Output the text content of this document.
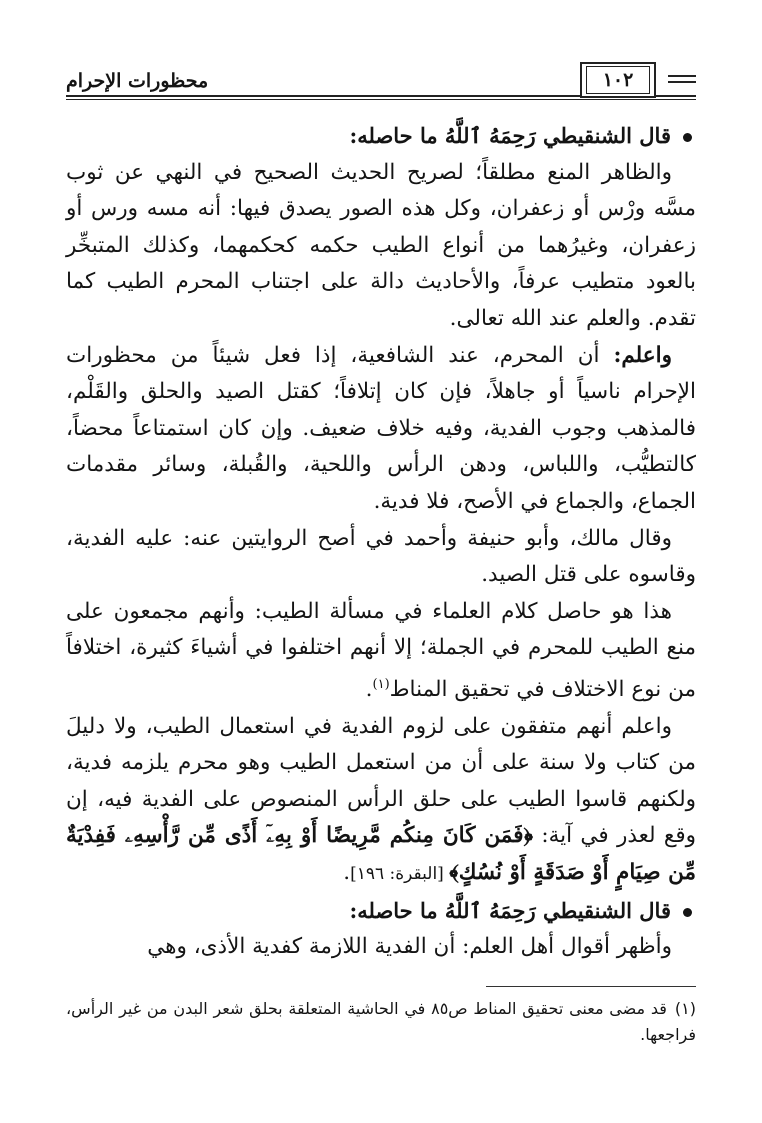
محظورات الإحرام	١٠٢

قال الشنقيطي رَحِمَهُ ٱللَّهُ ما حاصله:

والظاهر المنع مطلقاً؛ لصريح الحديث الصحيح في النهي عن ثوب مسَّه ورْس أو زعفران، وكل هذه الصور يصدق فيها: أنه مسه ورس أو زعفران، وغيرُهما من أنواع الطيب حكمه كحكمهما، وكذلك المتبخِّر بالعود متطيب عرفاً، والأحاديث دالة على اجتناب المحرم الطيب كما تقدم. والعلم عند الله تعالى.

واعلم: أن المحرم، عند الشافعية، إذا فعل شيئاً من محظورات الإحرام ناسياً أو جاهلاً، فإن كان إتلافاً؛ كقتل الصيد والحلق والقَلْم، فالمذهب وجوب الفدية، وفيه خلاف ضعيف. وإن كان استمتاعاً محضاً، كالتطيُّب، واللباس، ودهن الرأس واللحية، والقُبلة، وسائر مقدمات الجماع، والجماع في الأصح، فلا فدية.

وقال مالك، وأبو حنيفة وأحمد في أصح الروايتين عنه: عليه الفدية، وقاسوه على قتل الصيد.

هذا هو حاصل كلام العلماء في مسألة الطيب: وأنهم مجمعون على منع الطيب للمحرم في الجملة؛ إلا أنهم اختلفوا في أشياءَ كثيرة، اختلافاً من نوع الاختلاف في تحقيق المناط$^{(١)}$.

واعلم أنهم متفقون على لزوم الفدية في استعمال الطيب، ولا دليلَ من كتاب ولا سنة على أن من استعمل الطيب وهو محرم يلزمه فدية، ولكنهم قاسوا الطيب على حلق الرأس المنصوص على الفدية فيه، إن وقع لعذر في آية: ﴿فَمَن كَانَ مِنكُم مَّرِيضًا أَوْ بِهِۦٓ أَذًى مِّن رَّأْسِهِۦ فَفِدْيَةٌ مِّن صِيَامٍ أَوْ صَدَقَةٍ أَوْ نُسُكٍ﴾ [البقرة: ١٩٦].

قال الشنقيطي رَحِمَهُ ٱللَّهُ ما حاصله:

وأظهر أقوال أهل العلم: أن الفدية اللازمة كفدية الأذى، وهي

(١)قد مضى معنى تحقيق المناط ص٨٥ في الحاشية المتعلقة بحلق شعر البدن من غير الرأس، فراجعها.
